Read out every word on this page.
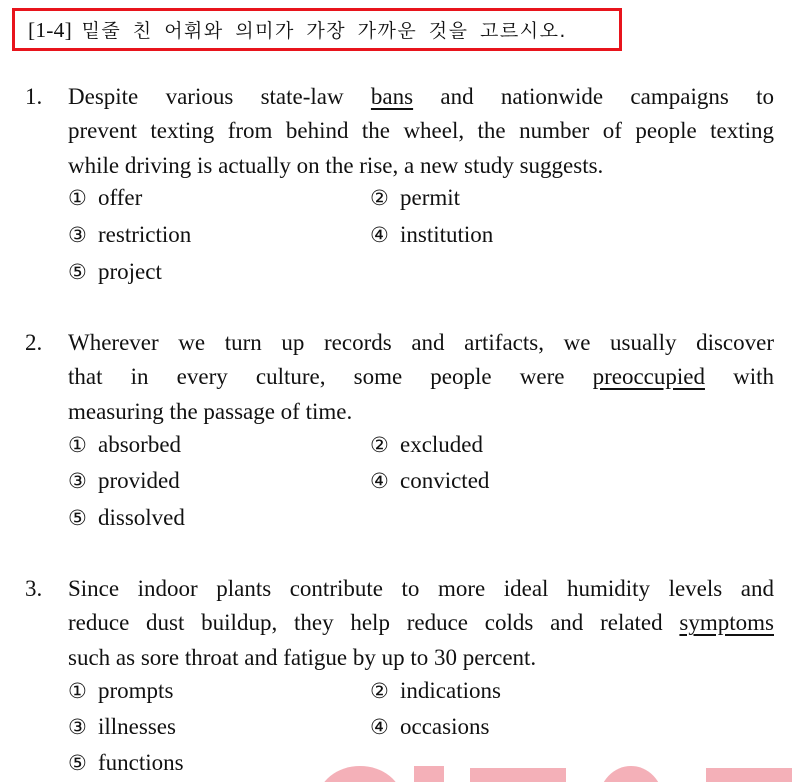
[1-4] 밑줄 친 어휘와 의미가 가장 가까운 것을 고르시오.
1. Despite various state-law bans and nationwide campaigns to
prevent texting from behind the wheel, the number of people texting
while driving is actually on the rise, a new study suggests.
① offer	② permit
③ restriction	④ institution
⑤ project
2. Wherever we turn up records and artifacts, we usually discover
that in every culture, some people were preoccupied with
measuring the passage of time.
① absorbed	② excluded
③ provided	④ convicted
⑤ dissolved
3. Since indoor plants contribute to more ideal humidity levels and
reduce dust buildup, they help reduce colds and related symptoms
such as sore throat and fatigue by up to 30 percent.
① prompts	② indications
③ illnesses	④ occasions
⑤ functions
